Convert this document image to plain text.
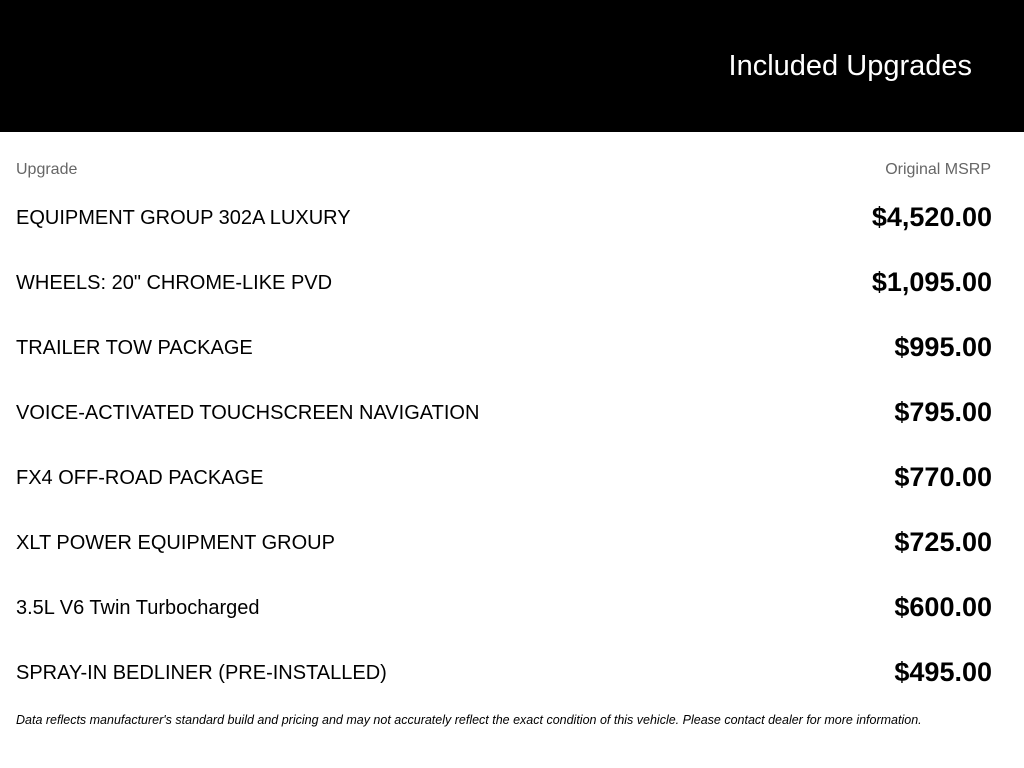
Included Upgrades
Upgrade	Original MSRP
EQUIPMENT GROUP 302A LUXURY	$4,520.00
WHEELS: 20" CHROME-LIKE PVD	$1,095.00
TRAILER TOW PACKAGE	$995.00
VOICE-ACTIVATED TOUCHSCREEN NAVIGATION	$795.00
FX4 OFF-ROAD PACKAGE	$770.00
XLT POWER EQUIPMENT GROUP	$725.00
3.5L V6 Twin Turbocharged	$600.00
SPRAY-IN BEDLINER (PRE-INSTALLED)	$495.00
Data reflects manufacturer's standard build and pricing and may not accurately reflect the exact condition of this vehicle. Please contact dealer for more information.
